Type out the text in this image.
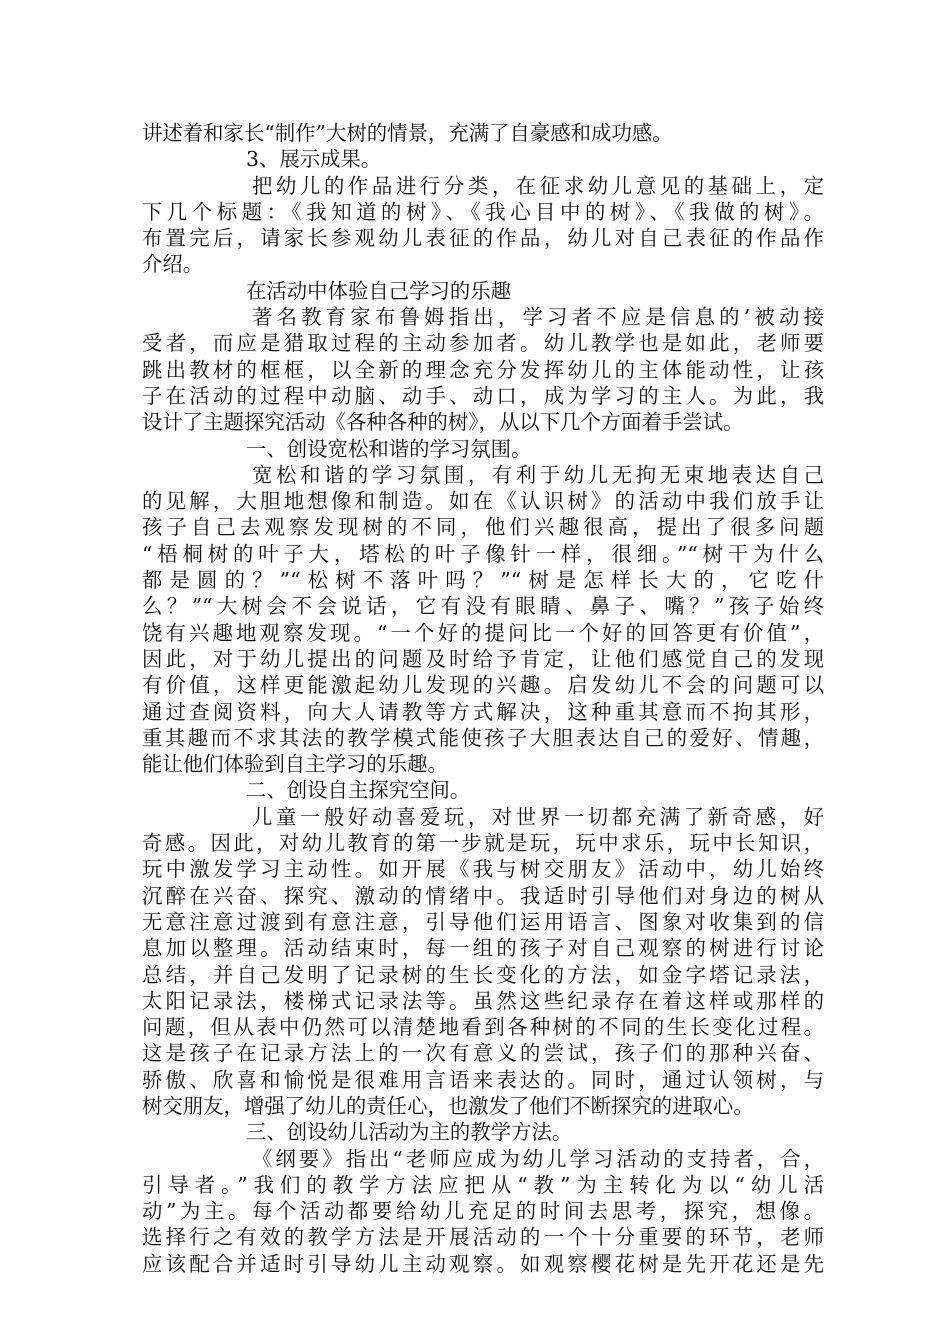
讲述着和家长“制作”大树的情景，充满了自豪感和成功感。
3、展示成果。
把幼儿的作品进行分类，在征求幼儿意见的基础上，定
下几个标题：《我知道的树》、《我心目中的树》、《我做的树》。
布置完后，请家长参观幼儿表征的作品，幼儿对自己表征的作品作
介绍。
在活动中体验自己学习的乐趣
著名教育家布鲁姆指出，学习者不应是信息的’被动接
受者，而应是猎取过程的主动参加者。幼儿教学也是如此，老师要
跳出教材的框框，以全新的理念充分发挥幼儿的主体能动性，让孩
子在活动的过程中动脑、动手、动口，成为学习的主人。为此，我
设计了主题探究活动《各种各种的树》，从以下几个方面着手尝试。
一、创设宽松和谐的学习氛围。
宽松和谐的学习氛围，有利于幼儿无拘无束地表达自己
的见解，大胆地想像和制造。如在《认识树》的活动中我们放手让
孩子自己去观察发现树的不同，他们兴趣很高，提出了很多问题
“梧桐树的叶子大，塔松的叶子像针一样，很细。”“树干为什么
都是圆的？”“松树不落叶吗？”“树是怎样长大的，它吃什
么？”“大树会不会说话，它有没有眼睛、鼻子、嘴？”孩子始终
饶有兴趣地观察发现。“一个好的提问比一个好的回答更有价值”，
因此，对于幼儿提出的问题及时给予肯定，让他们感觉自己的发现
有价值，这样更能激起幼儿发现的兴趣。启发幼儿不会的问题可以
通过查阅资料，向大人请教等方式解决，这种重其意而不拘其形，
重其趣而不求其法的教学模式能使孩子大胆表达自己的爱好、情趣，
能让他们体验到自主学习的乐趣。
二、创设自主探究空间。
儿童一般好动喜爱玩，对世界一切都充满了新奇感，好
奇感。因此，对幼儿教育的第一步就是玩，玩中求乐，玩中长知识，
玩中激发学习主动性。如开展《我与树交朋友》活动中，幼儿始终
沉醉在兴奋、探究、激动的情绪中。我适时引导他们对身边的树从
无意注意过渡到有意注意，引导他们运用语言、图象对收集到的信
息加以整理。活动结束时，每一组的孩子对自己观察的树进行讨论
总结，并自己发明了记录树的生长变化的方法，如金字塔记录法，
太阳记录法，楼梯式记录法等。虽然这些纪录存在着这样或那样的
问题，但从表中仍然可以清楚地看到各种树的不同的生长变化过程。
这是孩子在记录方法上的一次有意义的尝试，孩子们的那种兴奋、
骄傲、欣喜和愉悦是很难用言语来表达的。同时，通过认领树，与
树交朋友，增强了幼儿的责任心，也激发了他们不断探究的进取心。
三、创设幼儿活动为主的教学方法。
《纲要》指出“老师应成为幼儿学习活动的支持者，合，
引导者。”我们的教学方法应把从“教”为主转化为以“幼儿活
动”为主。每个活动都要给幼儿充足的时间去思考，探究，想像。
选择行之有效的教学方法是开展活动的一个十分重要的环节，老师
应该配合并适时引导幼儿主动观察。如观察樱花树是先开花还是先
